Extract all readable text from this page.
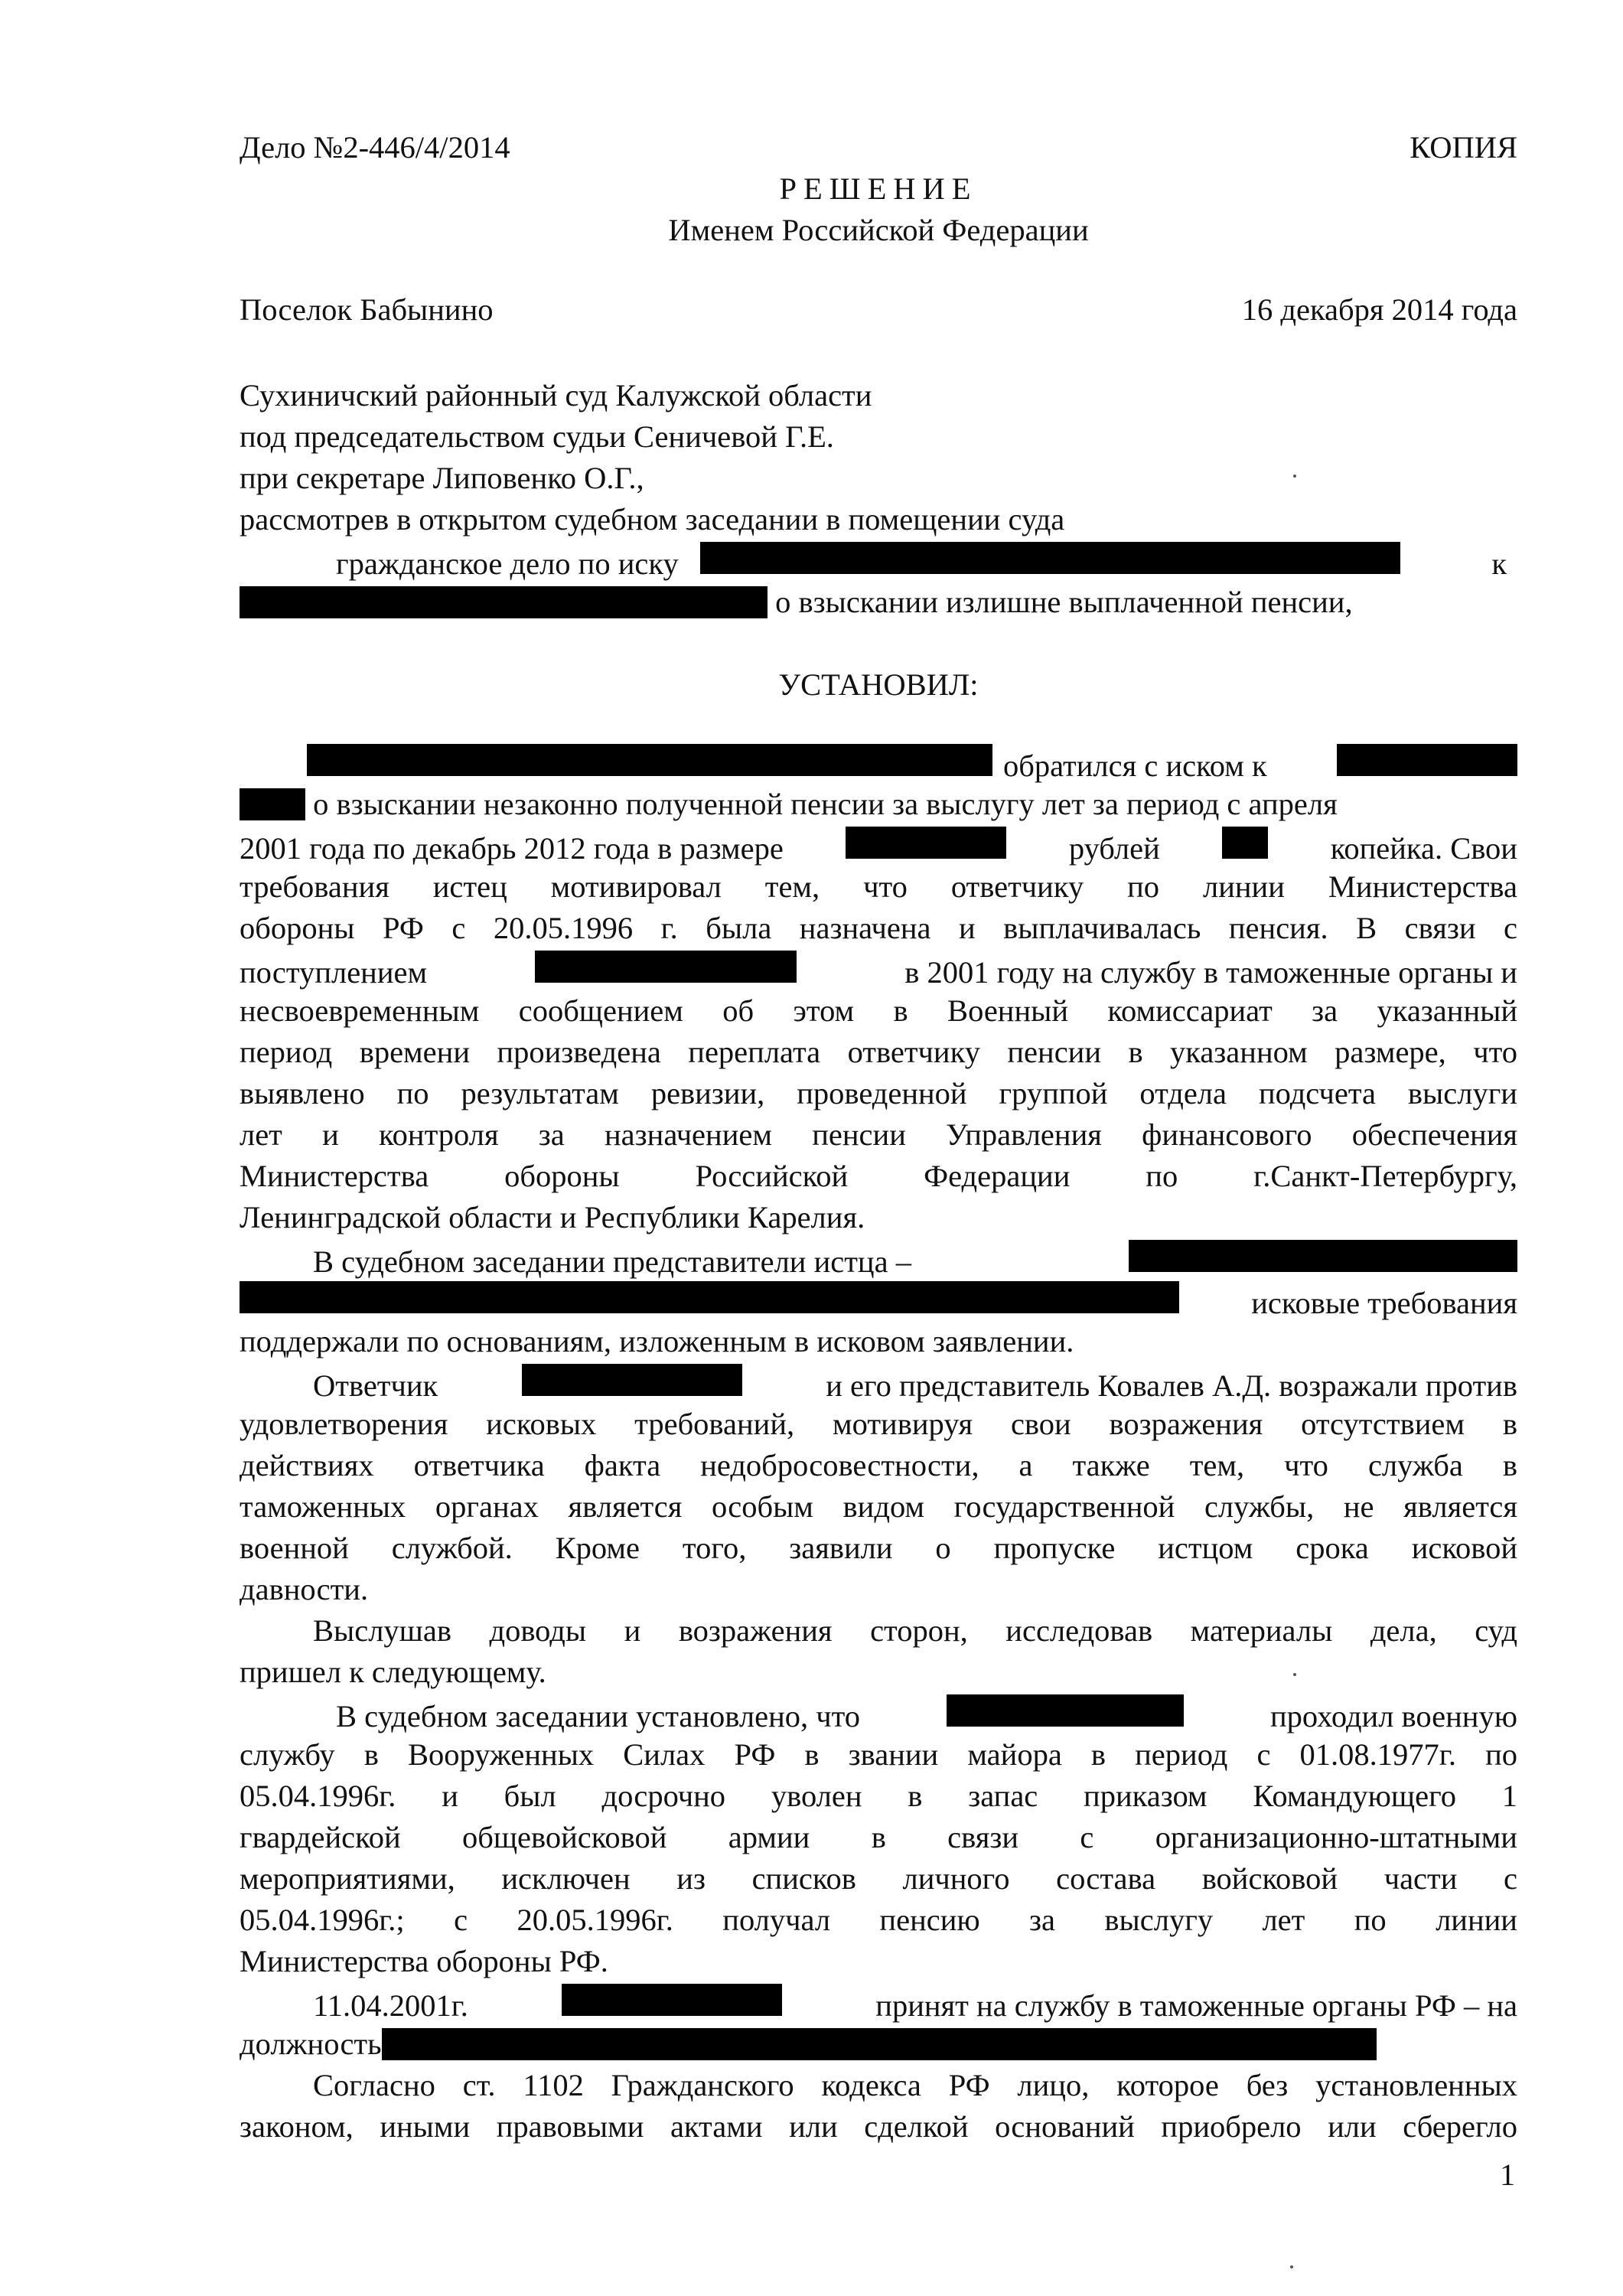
Дело №2-446/4/2014	КОПИЯ
РЕШЕНИЕ
Именем Российской Федерации
Поселок Бабынино	16 декабря 2014 года
Сухиничский районный суд Калужской области
под председательством судьи Сеничевой Г.Е.
при секретаре Липовенко О.Г.,
рассмотрев в открытом судебном заседании в помещении суда
гражданское дело по иску	к
о взыскании излишне выплаченной пенсии,
УСТАНОВИЛ:
обратился с иском к
о взыскании незаконно полученной пенсии за выслугу лет за период с апреля
2001 года по декабрь 2012 года в размере	рублей	копейка. Свои
требования истец мотивировал тем, что ответчику по линии Министерства
обороны РФ с 20.05.1996 г. была назначена и выплачивалась пенсия. В связи с
поступлением	в 2001 году на службу в таможенные органы и
несвоевременным сообщением об этом в Военный комиссариат за указанный
период времени произведена переплата ответчику пенсии в указанном размере, что
выявлено по результатам ревизии, проведенной группой отдела подсчета выслуги
лет и контроля за назначением пенсии Управления финансового обеспечения
Министерства обороны Российской Федерации по г.Санкт-Петербургу,
Ленинградской области и Республики Карелия.
В судебном заседании представители истца –
исковые требования
поддержали по основаниям, изложенным в исковом заявлении.
Ответчик	и его представитель Ковалев А.Д. возражали против
удовлетворения исковых требований, мотивируя свои возражения отсутствием в
действиях ответчика факта недобросовестности, а также тем, что служба в
таможенных органах является особым видом государственной службы, не является
военной службой. Кроме того, заявили о пропуске истцом срока исковой
давности.
Выслушав доводы и возражения сторон, исследовав материалы дела, суд
пришел к следующему.
В судебном заседании установлено, что	проходил военную
службу в Вооруженных Силах РФ в звании майора в период с 01.08.1977г. по
05.04.1996г. и был досрочно уволен в запас приказом Командующего 1
гвардейской общевойсковой армии в связи с организационно-штатными
мероприятиями, исключен из списков личного состава войсковой части с
05.04.1996г.; с 20.05.1996г. получал пенсию за выслугу лет по линии
Министерства обороны РФ.
11.04.2001г.	принят на службу в таможенные органы РФ – на
должность
Согласно ст. 1102 Гражданского кодекса РФ лицо, которое без установленных
законом, иными правовыми актами или сделкой оснований приобрело или сберегло
1
